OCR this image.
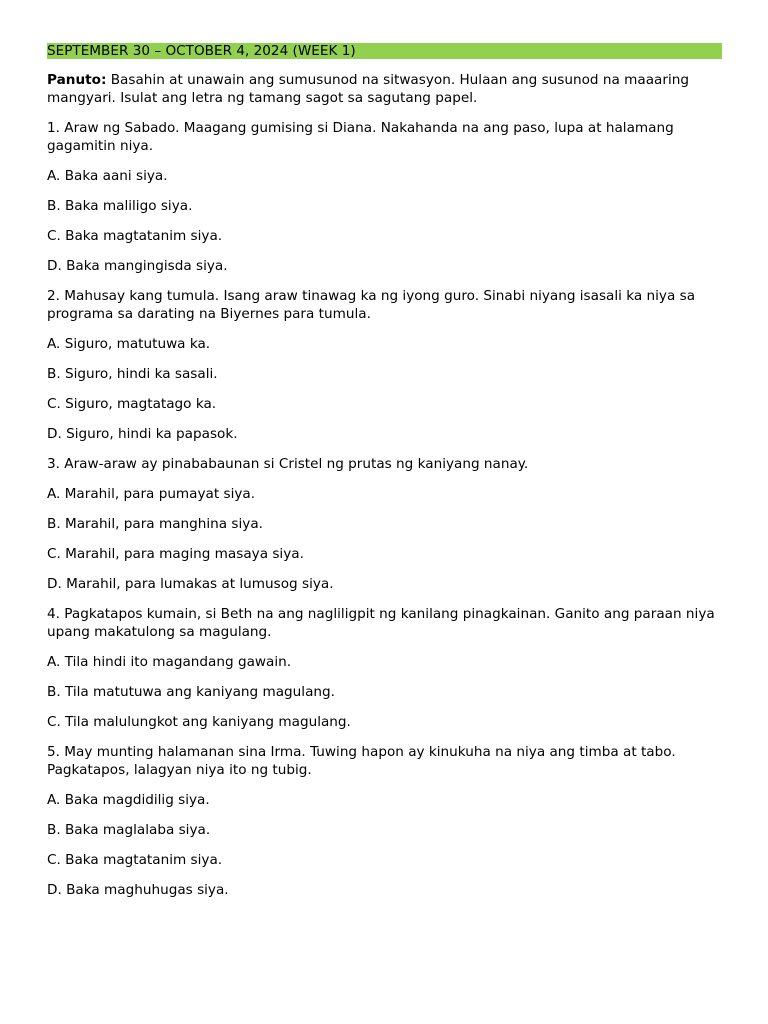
SEPTEMBER 30 – OCTOBER 4, 2024 (WEEK 1)
Panuto: Basahin at unawain ang sumusunod na sitwasyon. Hulaan ang susunod na maaaring mangyari. Isulat ang letra ng tamang sagot sa sagutang papel.
1. Araw ng Sabado. Maagang gumising si Diana. Nakahanda na ang paso, lupa at halamang gagamitin niya.
A. Baka aani siya.
B. Baka maliligo siya.
C. Baka magtatanim siya.
D. Baka mangingisda siya.
2. Mahusay kang tumula. Isang araw tinawag ka ng iyong guro. Sinabi niyang isasali ka niya sa programa sa darating na Biyernes para tumula.
A. Siguro, matutuwa ka.
B. Siguro, hindi ka sasali.
C. Siguro, magtatago ka.
D. Siguro, hindi ka papasok.
3. Araw-araw ay pinababaunan si Cristel ng prutas ng kaniyang nanay.
A. Marahil, para pumayat siya.
B. Marahil, para manghina siya.
C. Marahil, para maging masaya siya.
D. Marahil, para lumakas at lumusog siya.
4. Pagkatapos kumain, si Beth na ang nagliligpit ng kanilang pinagkainan. Ganito ang paraan niya upang makatulong sa magulang.
A. Tila hindi ito magandang gawain.
B. Tila matutuwa ang kaniyang magulang.
C. Tila malulungkot ang kaniyang magulang.
5. May munting halamanan sina Irma. Tuwing hapon ay kinukuha na niya ang timba at tabo. Pagkatapos, lalagyan niya ito ng tubig.
A. Baka magdidilig siya.
B. Baka maglalaba siya.
C. Baka magtatanim siya.
D. Baka maghuhugas siya.
